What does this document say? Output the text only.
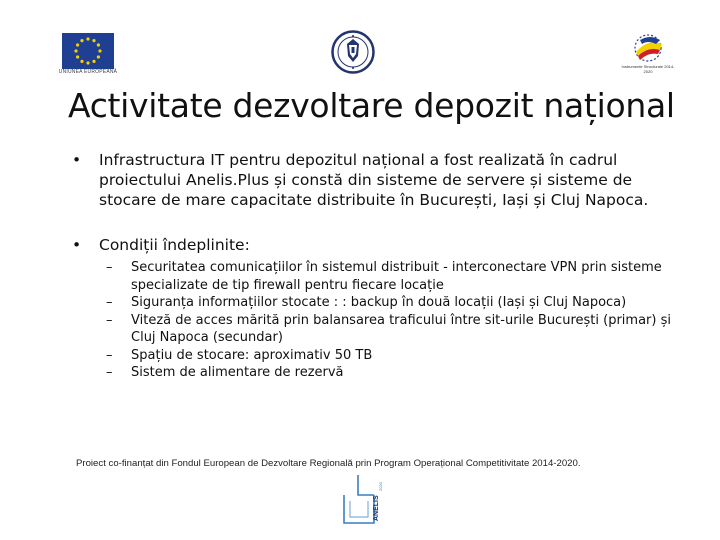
UNIUNEA EUROPEANĂ
Instrumente Structurale 2014-2020
Activitate dezvoltare depozit național
• Infrastructura IT pentru depozitul național a fost realizată în cadrul proiectului Anelis.Plus și constă din sisteme de servere și sisteme de stocare de mare capacitate distribuite în București, Iași și Cluj Napoca.
• Condiții îndeplinite:
– Securitatea comunicațiilor în sistemul distribuit - interconectare VPN prin sisteme specializate de tip firewall pentru fiecare locație
– Siguranța informațiilor stocate : : backup în două locații (Iași și Cluj Napoca)
– Viteză de acces mărită prin balansarea traficului între sit-urile București (primar) și Cluj Napoca (secundar)
– Spațiu de stocare: aproximativ 50 TB
– Sistem de alimentare de rezervă
Proiect co-finanțat din Fondul European de Dezvoltare Regională prin Program Operațional Competitivitate 2014-2020.
ANELIS
2020
